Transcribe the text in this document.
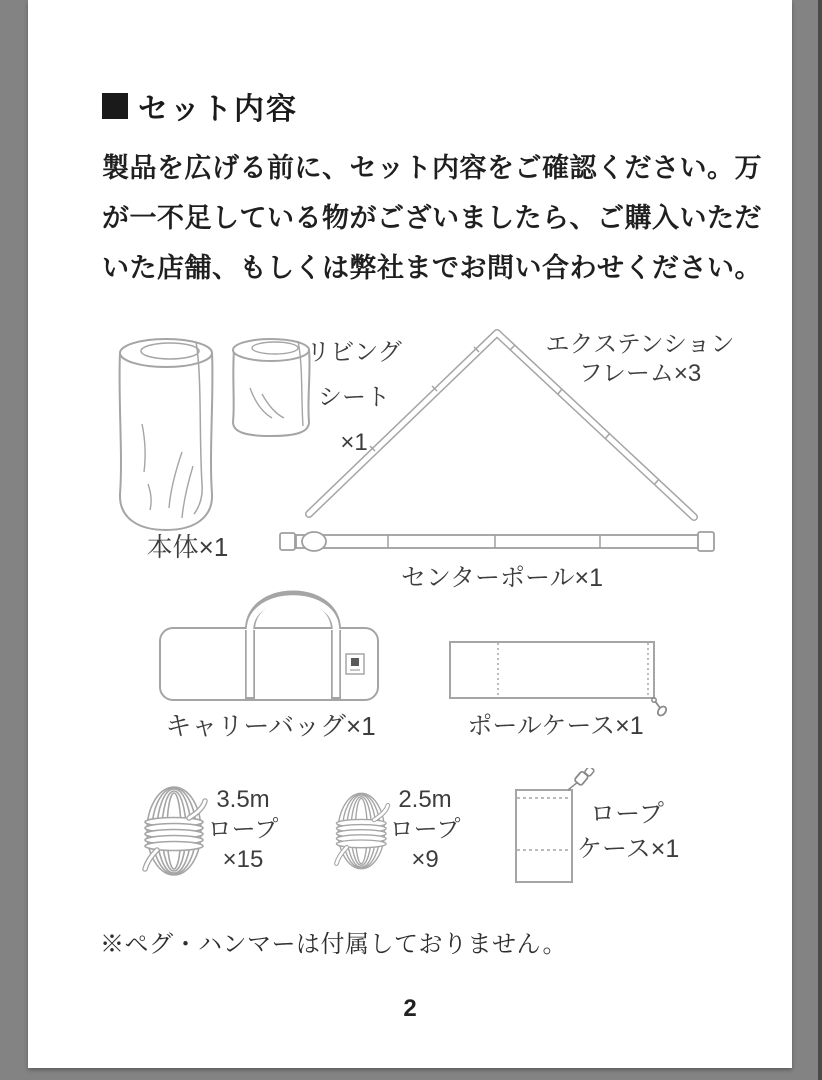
セット内容
製品を広げる前に、セット内容をご確認ください。万
が一不足している物がございましたら、ご購入いただ
いた店舗、もしくは弊社までお問い合わせください。
リビング
シート
×1
エクステンション
フレーム×3
本体×1
センターポール×1
キャリーバッグ×1	ポールケース×1
3.5m
ロープ
×15
2.5m
ロープ
×9
ロープ
ケース×1
※ペグ・ハンマーは付属しておりません。
2
